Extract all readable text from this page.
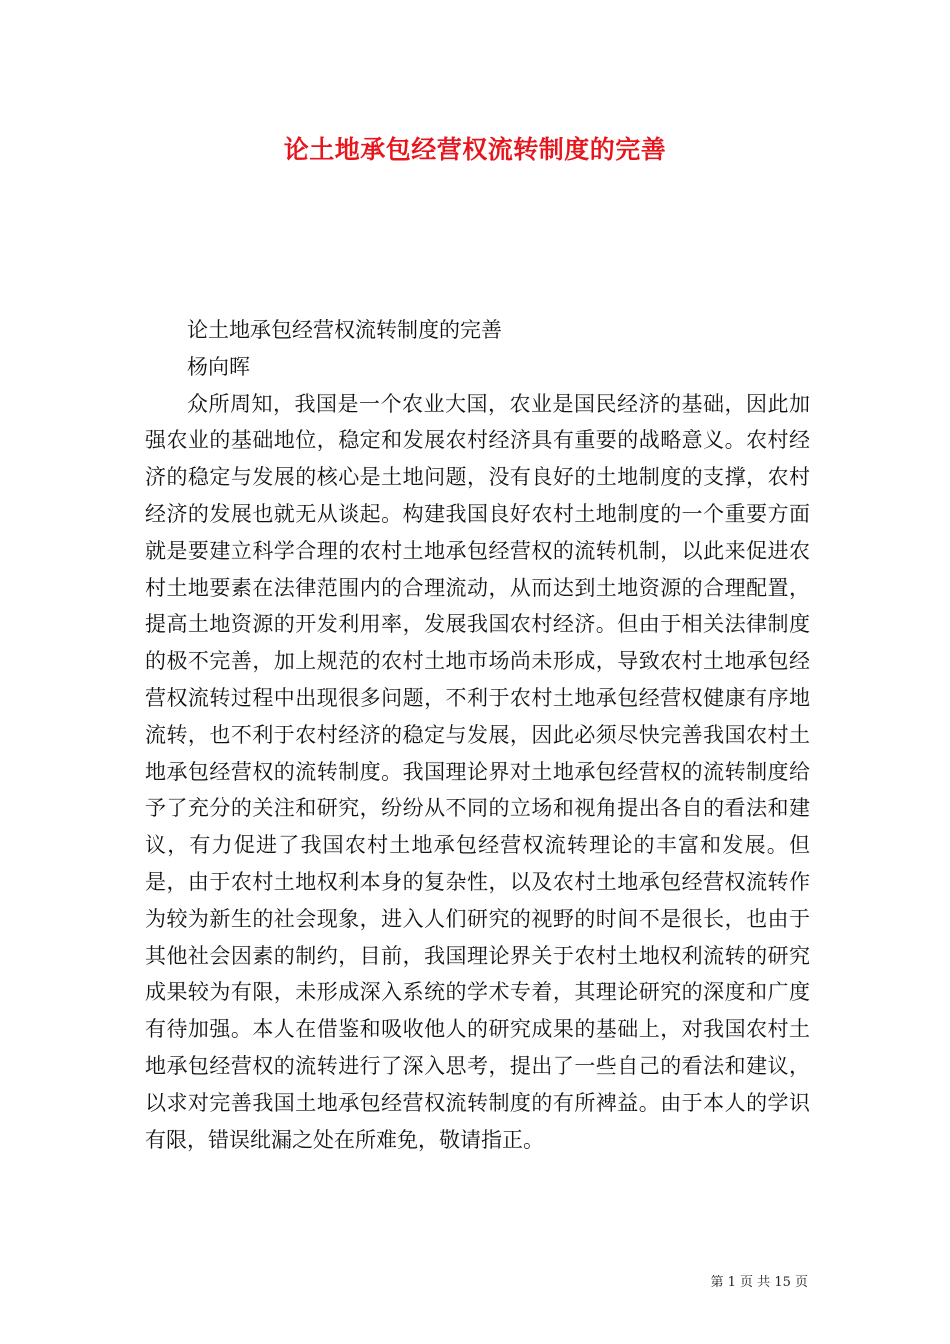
论土地承包经营权流转制度的完善

论土地承包经营权流转制度的完善

杨向晖

众所周知，我国是一个农业大国，农业是国民经济的基础，因此加强农业的基础地位，稳定和发展农村经济具有重要的战略意义。农村经济的稳定与发展的核心是土地问题，没有良好的土地制度的支撑，农村经济的发展也就无从谈起。构建我国良好农村土地制度的一个重要方面就是要建立科学合理的农村土地承包经营权的流转机制，以此来促进农村土地要素在法律范围内的合理流动，从而达到土地资源的合理配置，提高土地资源的开发利用率，发展我国农村经济。但由于相关法律制度的极不完善，加上规范的农村土地市场尚未形成，导致农村土地承包经营权流转过程中出现很多问题，不利于农村土地承包经营权健康有序地流转，也不利于农村经济的稳定与发展，因此必须尽快完善我国农村土地承包经营权的流转制度。我国理论界对土地承包经营权的流转制度给予了充分的关注和研究，纷纷从不同的立场和视角提出各自的看法和建议，有力促进了我国农村土地承包经营权流转理论的丰富和发展。但是，由于农村土地权利本身的复杂性，以及农村土地承包经营权流转作为较为新生的社会现象，进入人们研究的视野的时间不是很长，也由于其他社会因素的制约，目前，我国理论界关于农村土地权利流转的研究成果较为有限，未形成深入系统的学术专着，其理论研究的深度和广度有待加强。本人在借鉴和吸收他人的研究成果的基础上，对我国农村土地承包经营权的流转进行了深入思考，提出了一些自己的看法和建议，以求对完善我国土地承包经营权流转制度的有所裨益。由于本人的学识有限，错误纰漏之处在所难免，敬请指正。

第 1 页 共 15 页
